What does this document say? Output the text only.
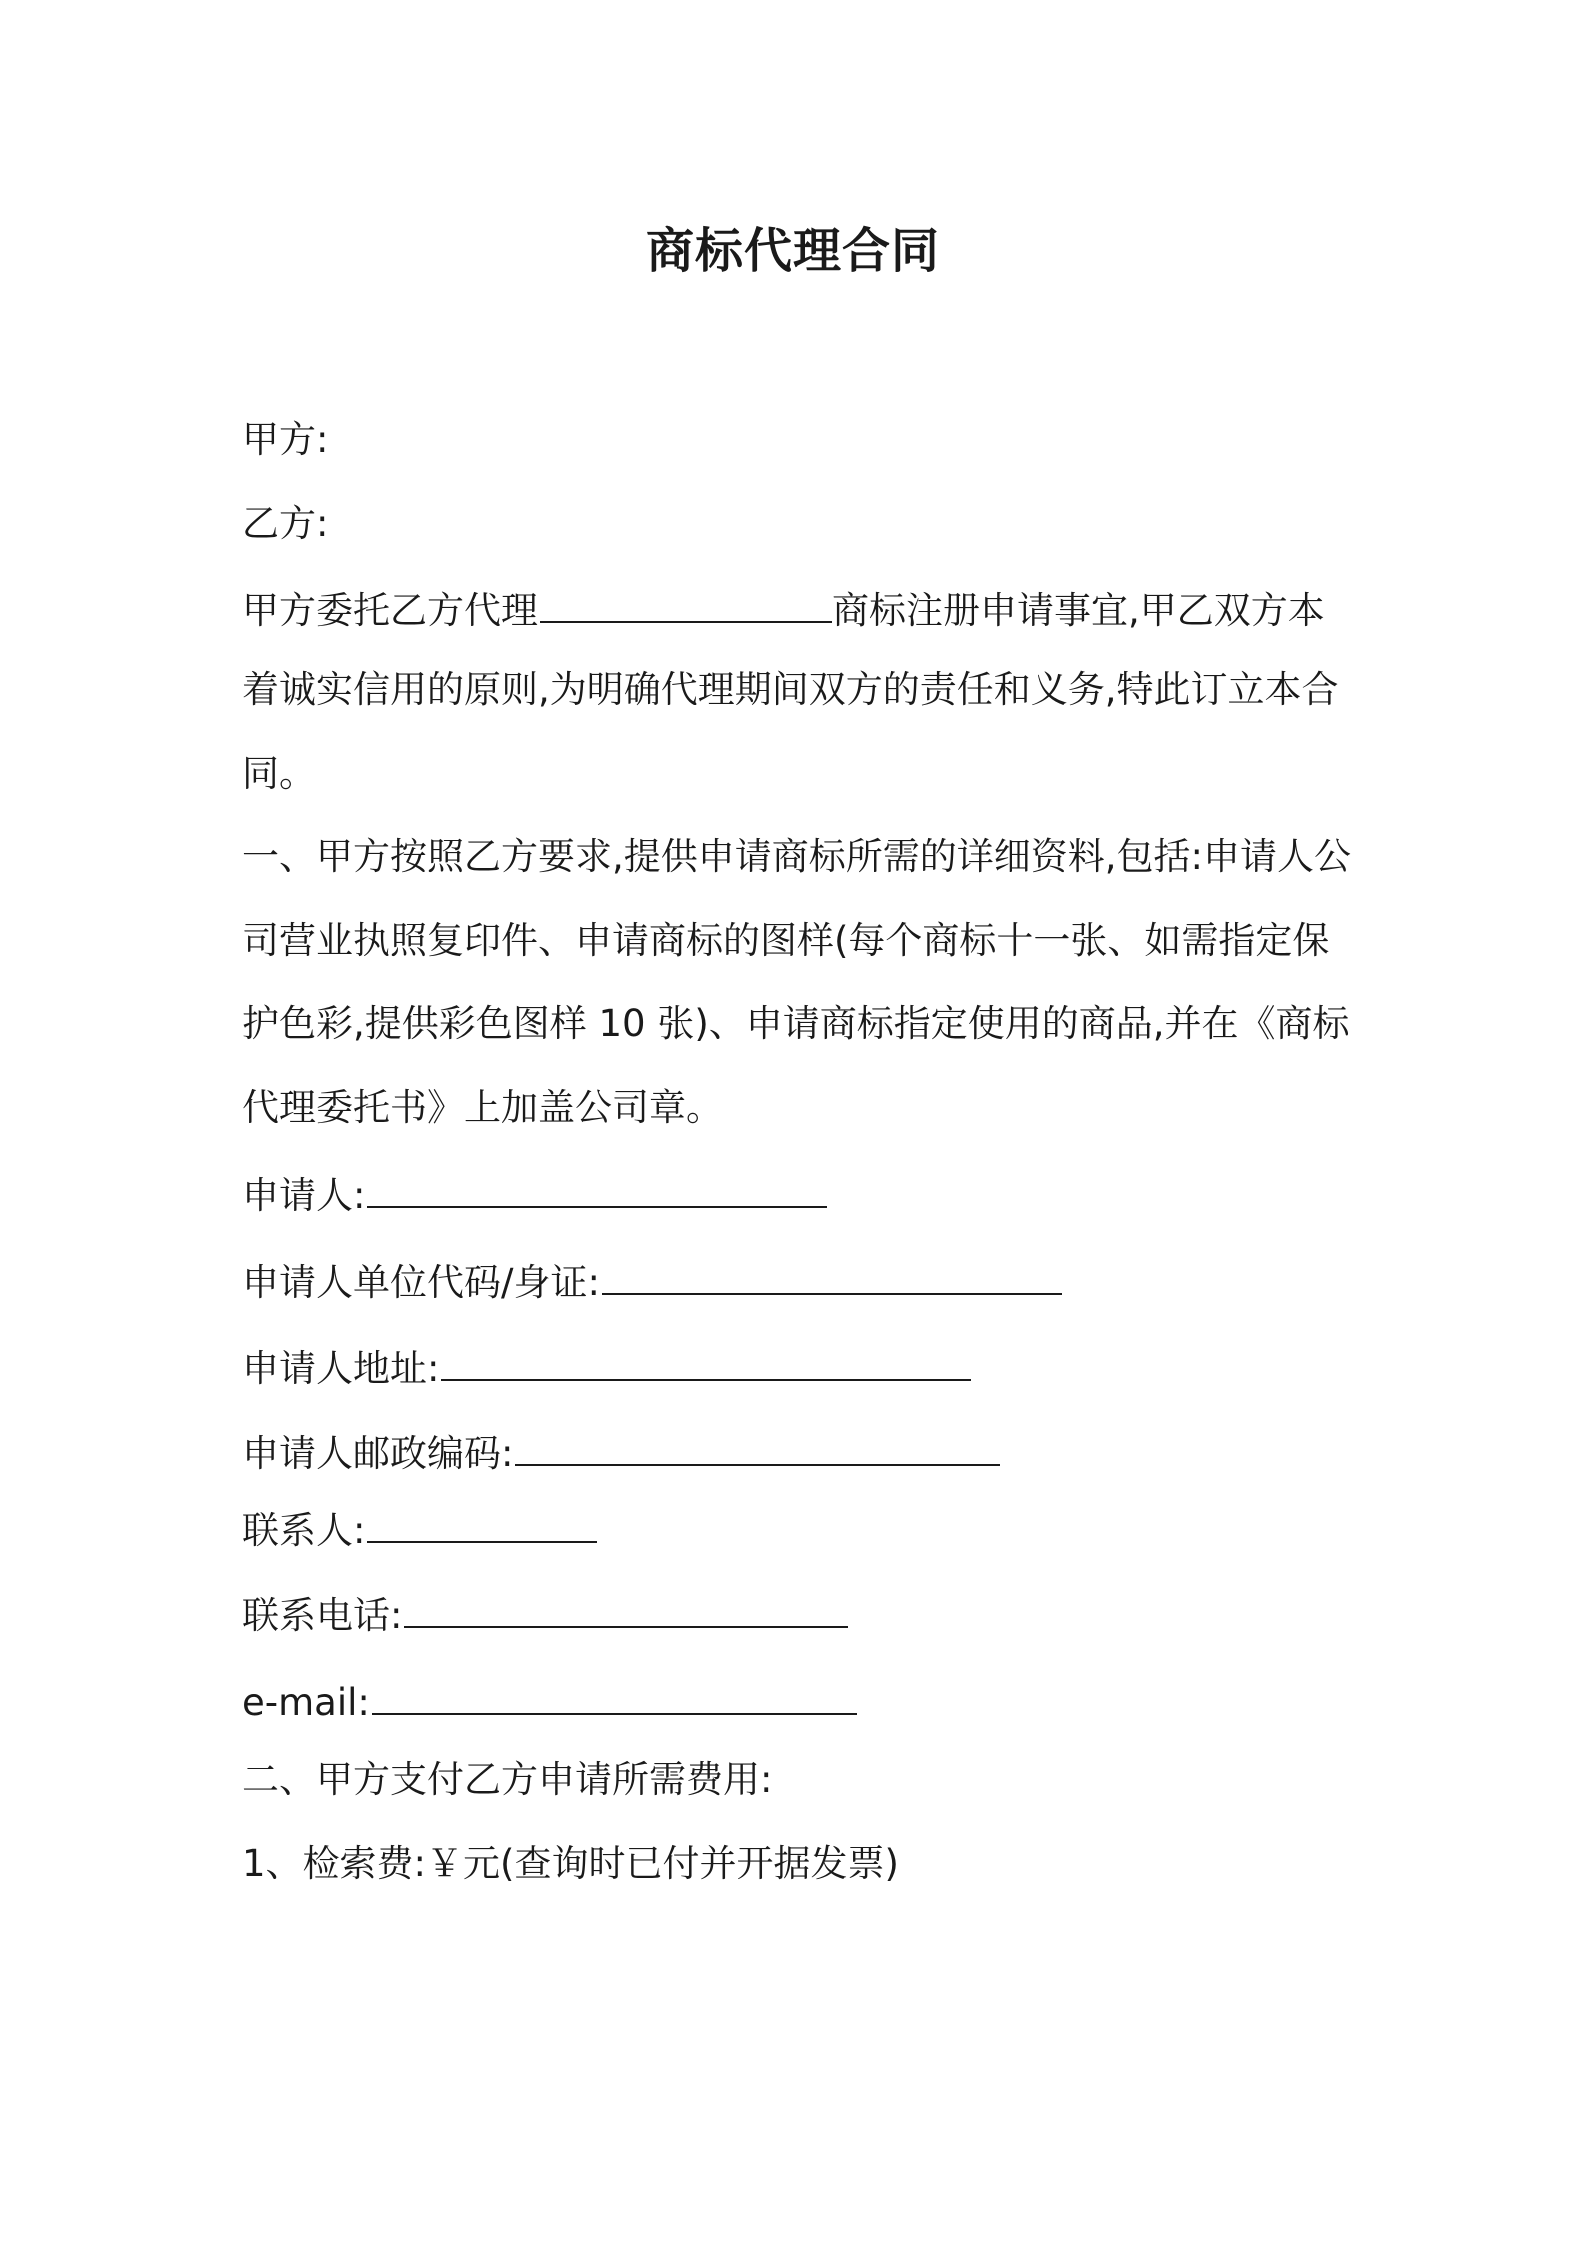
商标代理合同
甲方:
乙方:
甲方委托乙方代理	商标注册申请事宜,甲乙双方本
着诚实信用的原则,为明确代理期间双方的责任和义务,特此订立本合
同。
一、甲方按照乙方要求,提供申请商标所需的详细资料,包括:申请人公
司营业执照复印件、申请商标的图样(每个商标十一张、如需指定保
护色彩,提供彩色图样 10 张)、申请商标指定使用的商品,并在《商标
代理委托书》上加盖公司章。
申请人:
申请人单位代码/身证:
申请人地址:
申请人邮政编码:
联系人:
联系电话:
e-mail:
二、甲方支付乙方申请所需费用:
1、检索费:￥元(查询时已付并开据发票)
